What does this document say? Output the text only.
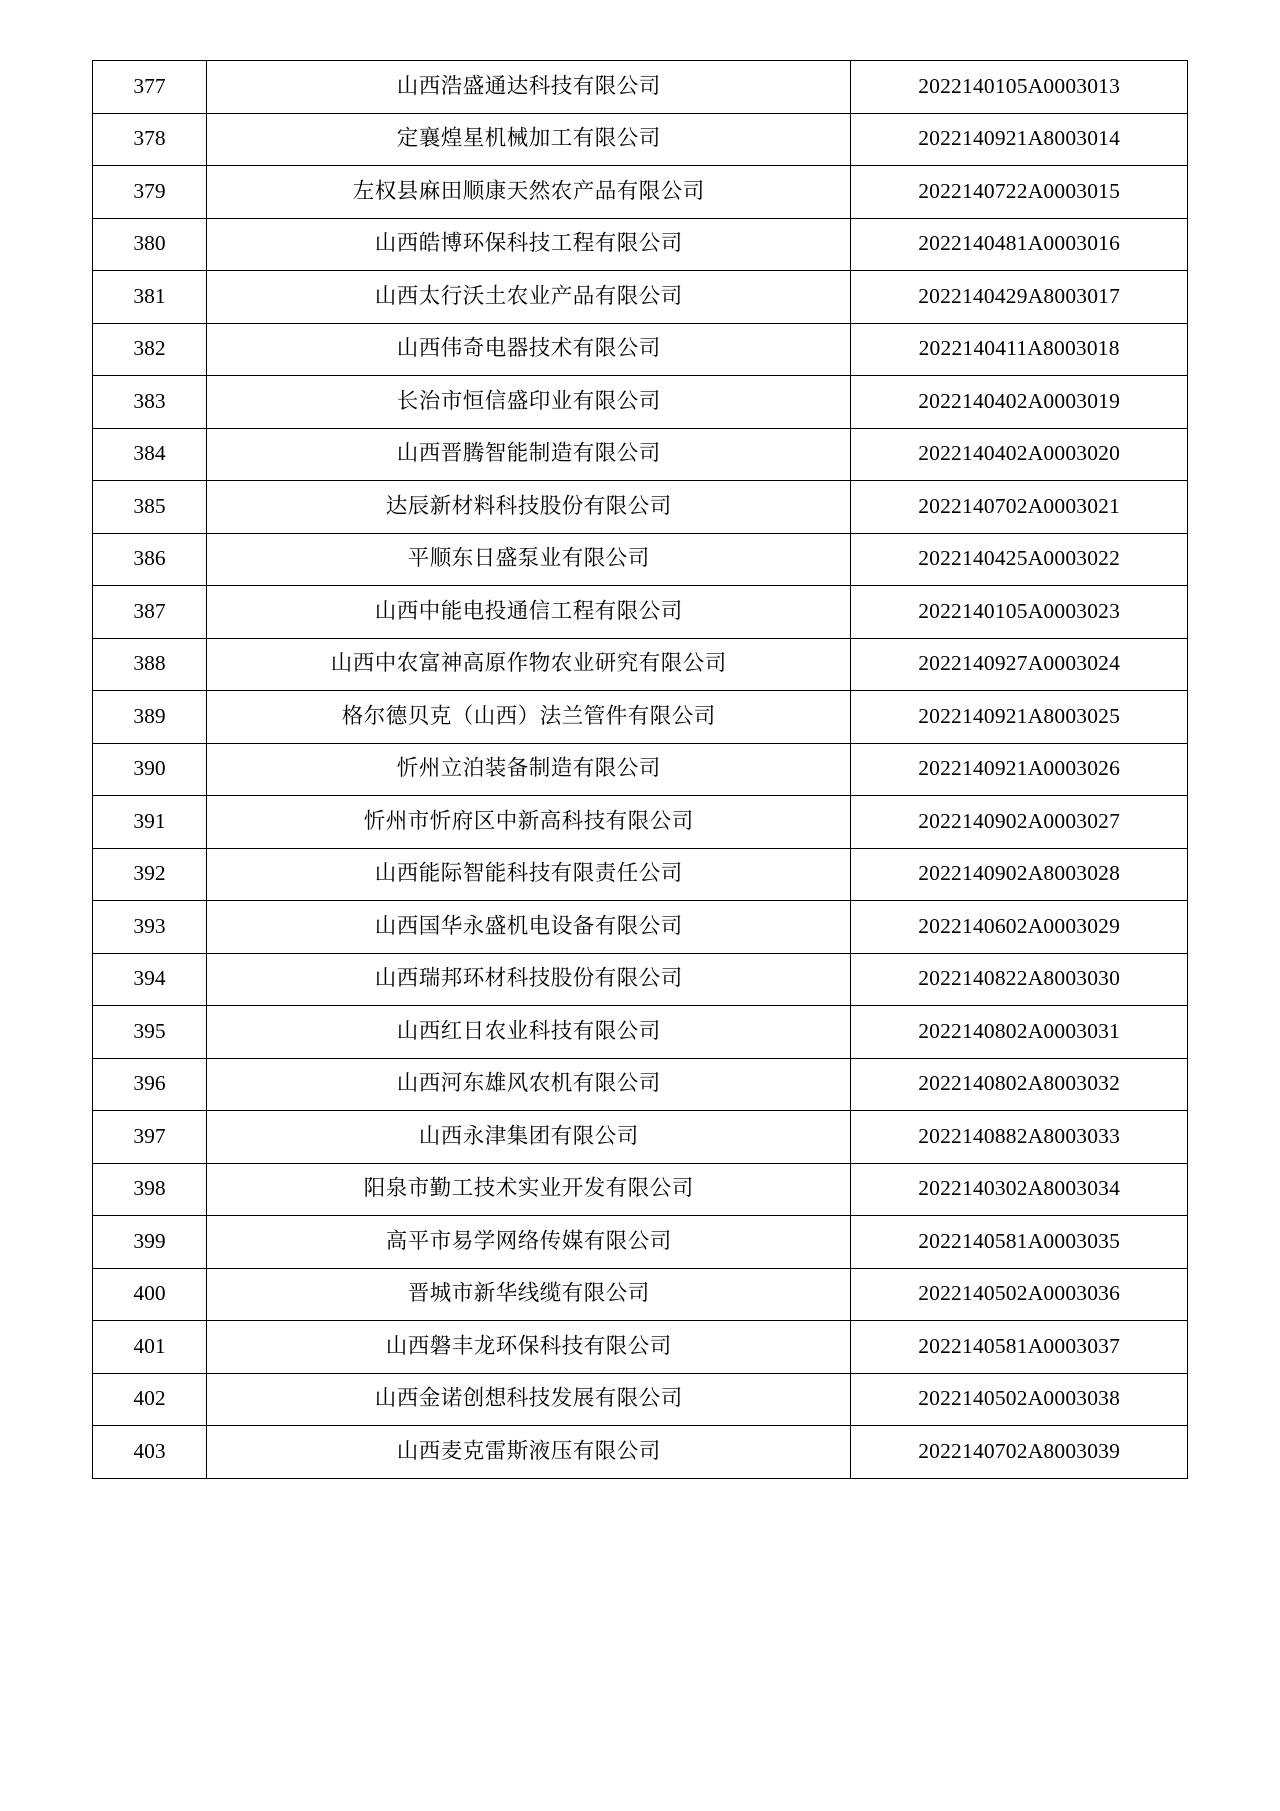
377	山西浩盛通达科技有限公司	2022140105A0003013
378	定襄煌星机械加工有限公司	2022140921A8003014
379	左权县麻田顺康天然农产品有限公司	2022140722A0003015
380	山西皓博环保科技工程有限公司	2022140481A0003016
381	山西太行沃土农业产品有限公司	2022140429A8003017
382	山西伟奇电器技术有限公司	2022140411A8003018
383	长治市恒信盛印业有限公司	2022140402A0003019
384	山西晋腾智能制造有限公司	2022140402A0003020
385	达辰新材料科技股份有限公司	2022140702A0003021
386	平顺东日盛泵业有限公司	2022140425A0003022
387	山西中能电投通信工程有限公司	2022140105A0003023
388	山西中农富神高原作物农业研究有限公司	2022140927A0003024
389	格尔德贝克（山西）法兰管件有限公司	2022140921A8003025
390	忻州立泊装备制造有限公司	2022140921A0003026
391	忻州市忻府区中新高科技有限公司	2022140902A0003027
392	山西能际智能科技有限责任公司	2022140902A8003028
393	山西国华永盛机电设备有限公司	2022140602A0003029
394	山西瑞邦环材科技股份有限公司	2022140822A8003030
395	山西红日农业科技有限公司	2022140802A0003031
396	山西河东雄风农机有限公司	2022140802A8003032
397	山西永津集团有限公司	2022140882A8003033
398	阳泉市勤工技术实业开发有限公司	2022140302A8003034
399	高平市易学网络传媒有限公司	2022140581A0003035
400	晋城市新华线缆有限公司	2022140502A0003036
401	山西磐丰龙环保科技有限公司	2022140581A0003037
402	山西金诺创想科技发展有限公司	2022140502A0003038
403	山西麦克雷斯液压有限公司	2022140702A8003039
